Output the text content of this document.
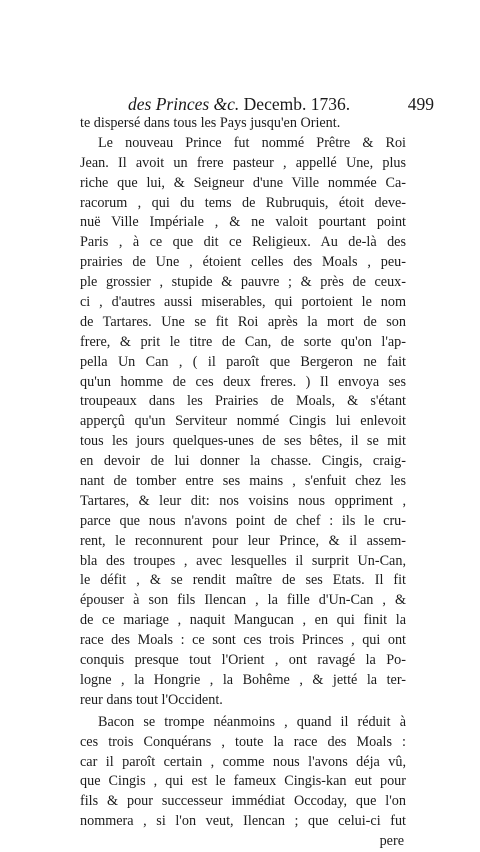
des Princes &c. Decemb. 1736.	499
te dispersé dans tous les Pays jusqu'en Orient.
Le nouveau Prince fut nommé Prêtre & Roi
Jean. Il avoit un frere pasteur , appellé Une, plus
riche que lui, & Seigneur d'une Ville nommée Ca-
racorum , qui du tems de Rubruquis, étoit deve-
nuë Ville Impériale , & ne valoit pourtant point
Paris , à ce que dit ce Religieux. Au de-là des
prairies de Une , étoient celles des Moals , peu-
ple grossier , stupide & pauvre ; & près de ceux-
ci , d'autres aussi miserables, qui portoient le nom
de Tartares. Une se fit Roi après la mort de son
frere, & prit le titre de Can, de sorte qu'on l'ap-
pella Un Can , ( il paroît que Bergeron ne fait
qu'un homme de ces deux freres. ) Il envoya ses
troupeaux dans les Prairies de Moals, & s'étant
apperçû qu'un Serviteur nommé Cingis lui enlevoit
tous les jours quelques-unes de ses bêtes, il se mit
en devoir de lui donner la chasse. Cingis, craig-
nant de tomber entre ses mains , s'enfuit chez les
Tartares, & leur dit: nos voisins nous oppriment ,
parce que nous n'avons point de chef : ils le cru-
rent, le reconnurent pour leur Prince, & il assem-
bla des troupes , avec lesquelles il surprit Un-Can,
le défit , & se rendit maître de ses Etats. Il fit
épouser à son fils Ilencan , la fille d'Un-Can , &
de ce mariage , naquit Mangucan , en qui finit la
race des Moals : ce sont ces trois Princes , qui ont
conquis presque tout l'Orient , ont ravagé la Po-
logne , la Hongrie , la Bohême , & jetté la ter-
reur dans tout l'Occident.
Bacon se trompe néanmoins , quand il réduit à
ces trois Conquérans , toute la race des Moals :
car il paroît certain , comme nous l'avons déja vû,
que Cingis , qui est le fameux Cingis-kan eut pour
fils & pour successeur immédiat Occoday, que l'on
nommera , si l'on veut, Ilencan ; que celui-ci fut
pere
